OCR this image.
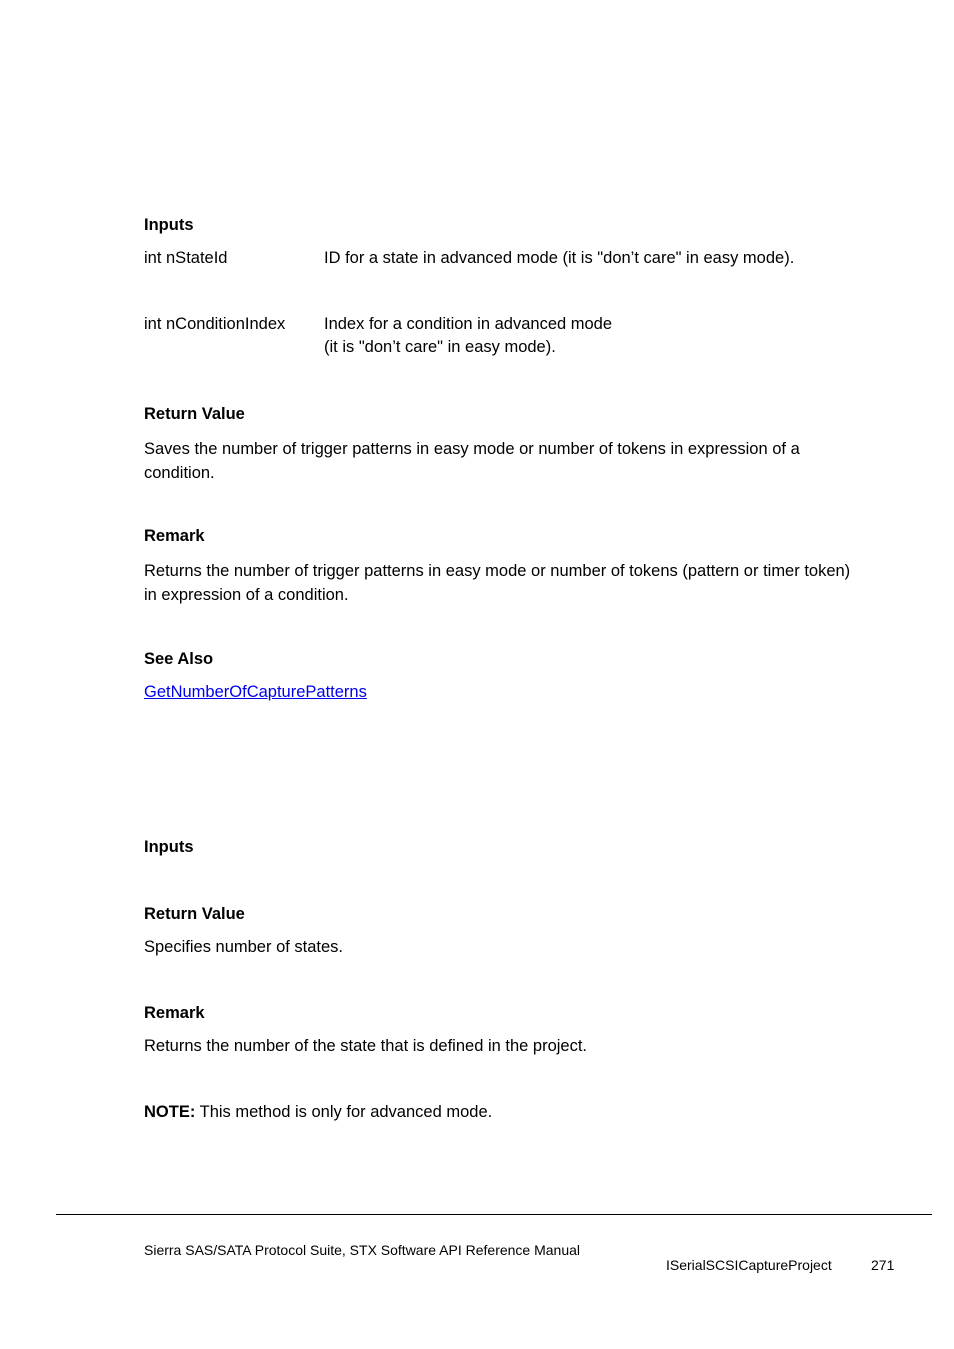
Inputs
int nStateId	ID for a state in advanced mode (it is "don’t care" in easy mode).
int nConditionIndex Index for a condition in advanced mode
(it is "don’t care" in easy mode).
Return Value
Saves the number of trigger patterns in easy mode or number of tokens in expression of a condition.
Remark
Returns the number of trigger patterns in easy mode or number of tokens (pattern or timer token) in expression of a condition.
See Also
GetNumberOfCapturePatterns
Inputs
Return Value
Specifies number of states.
Remark
Returns the number of the state that is defined in the project.
NOTE: This method is only for advanced mode.
Sierra SAS/SATA Protocol Suite, STX Software API Reference Manual
ISerialSCSICaptureProject	271
